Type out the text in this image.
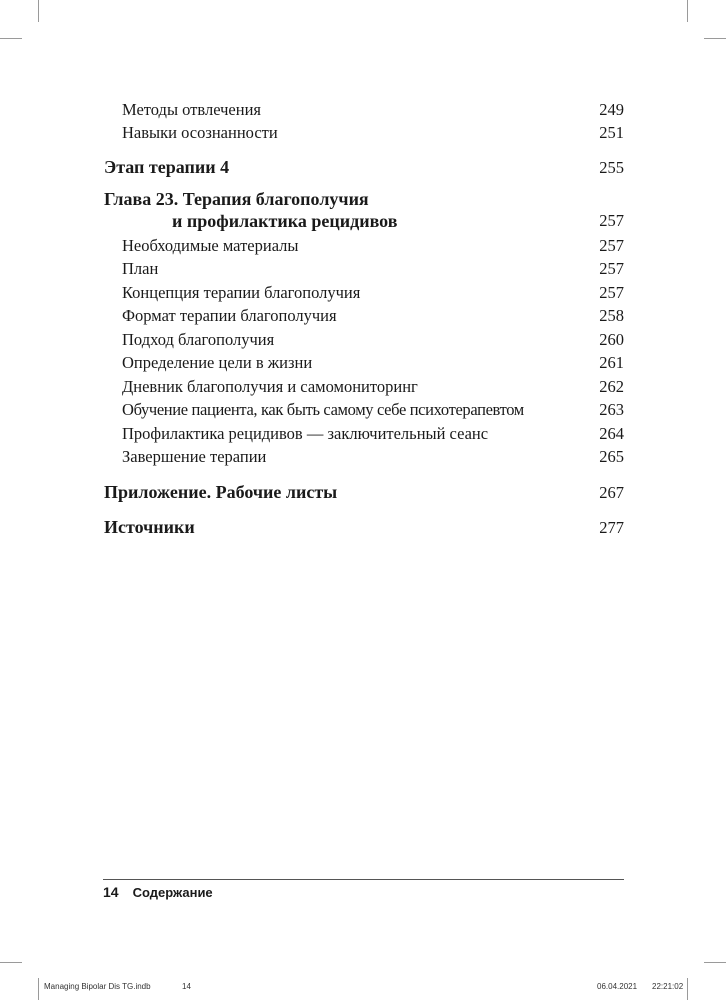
Методы отвлечения	249
Навыки осознанности	251
Этап терапии 4	255
Глава 23. Терапия благополучия
и профилактика рецидивов	257
Необходимые материалы	257
План	257
Концепция терапии благополучия	257
Формат терапии благополучия	258
Подход благополучия	260
Определение цели в жизни	261
Дневник благополучия и самомониторинг	262
Обучение пациента, как быть самому себе психотерапевтом	263
Профилактика рецидивов — заключительный сеанс	264
Завершение терапии	265
Приложение. Рабочие листы	267
Источники	277
14 Содержание
Managing Bipolar Dis TG.indb	14	06.04.2021 22:21:02
